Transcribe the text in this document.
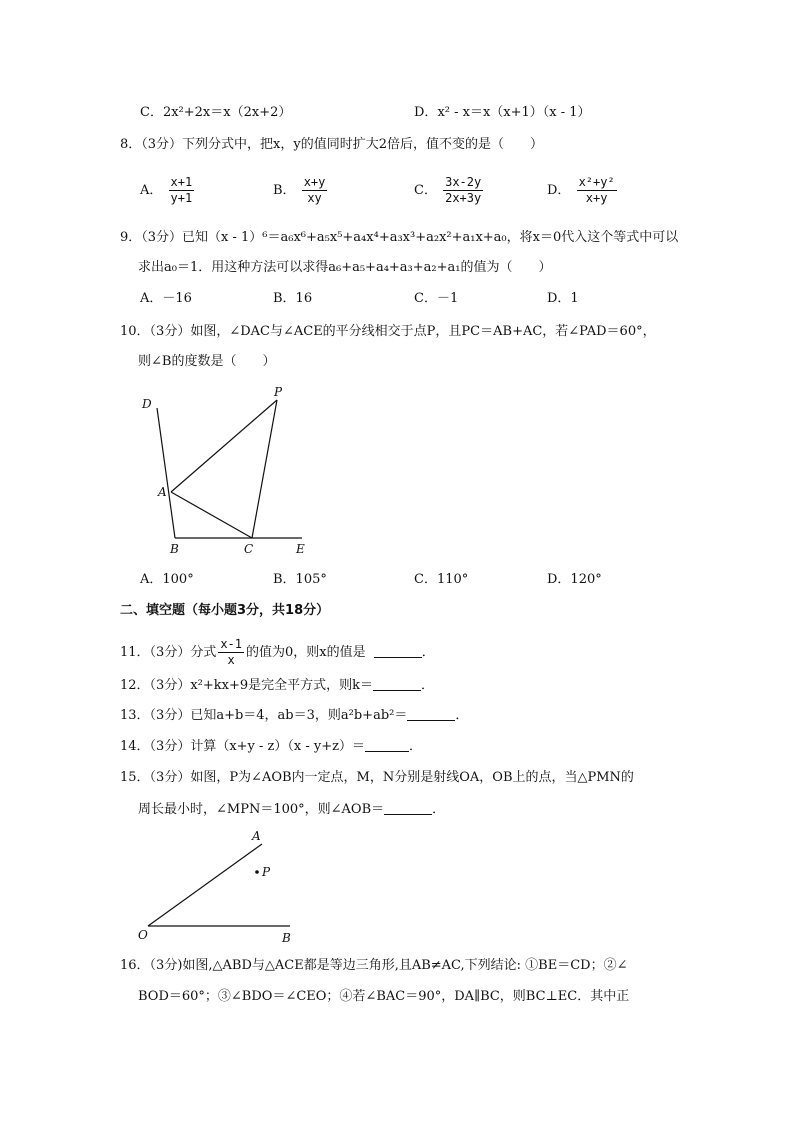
C．2x²+2x＝x（2x+2）	D．x² - x＝x（x+1）（x - 1）
8．（3分）下列分式中，把x，y的值同时扩大2倍后，值不变的是（　　）
A． $\frac{x+1}{y+1}$	B． $\frac{x+y}{xy}$	C． $\frac{3x-2y}{2x+3y}$	D． $\frac{\text{x²+y²}}{x+y}$
9．（3分）已知（x - 1）⁶＝a₆x⁶+a₅x⁵+a₄x⁴+a₃x³+a₂x²+a₁x+a₀，将x＝0代入这个等式中可以
求出a₀＝1．用这种方法可以求得a₆+a₅+a₄+a₃+a₂+a₁的值为（　　）
A．－16	B．16	C．－1	D．1
10．（3分）如图，∠DAC与∠ACE的平分线相交于点P，且PC＝AB+AC，若∠PAD＝60°，
则∠B的度数是（　　）
D
P
A
B	C	E
A．100°	B．105°	C．110°	D．120°
二、填空题（每小题3分，共18分）
11．（3分）分式 $\frac{x-1}{x}$ 的值为0，则x的值是	．
12．（3分）x²+kx+9是完全平方式，则k＝	．
13．（3分）已知a+b＝4，ab＝3，则a²b+ab²＝	．
14．（3分）计算（x+y - z）（x - y+z）＝	．
15．（3分）如图，P为∠AOB内一定点，M，N分别是射线OA，OB上的点，当△PMN的
周长最小时，∠MPN＝100°，则∠AOB＝	．
A
P
O	B
16．（3分)如图,△ABD与△ACE都是等边三角形,且AB≠AC,下列结论: ①BE＝CD；②∠
BOD＝60°；③∠BDO＝∠CEO；④若∠BAC＝90°，DA∥BC，则BC⊥EC．其中正
